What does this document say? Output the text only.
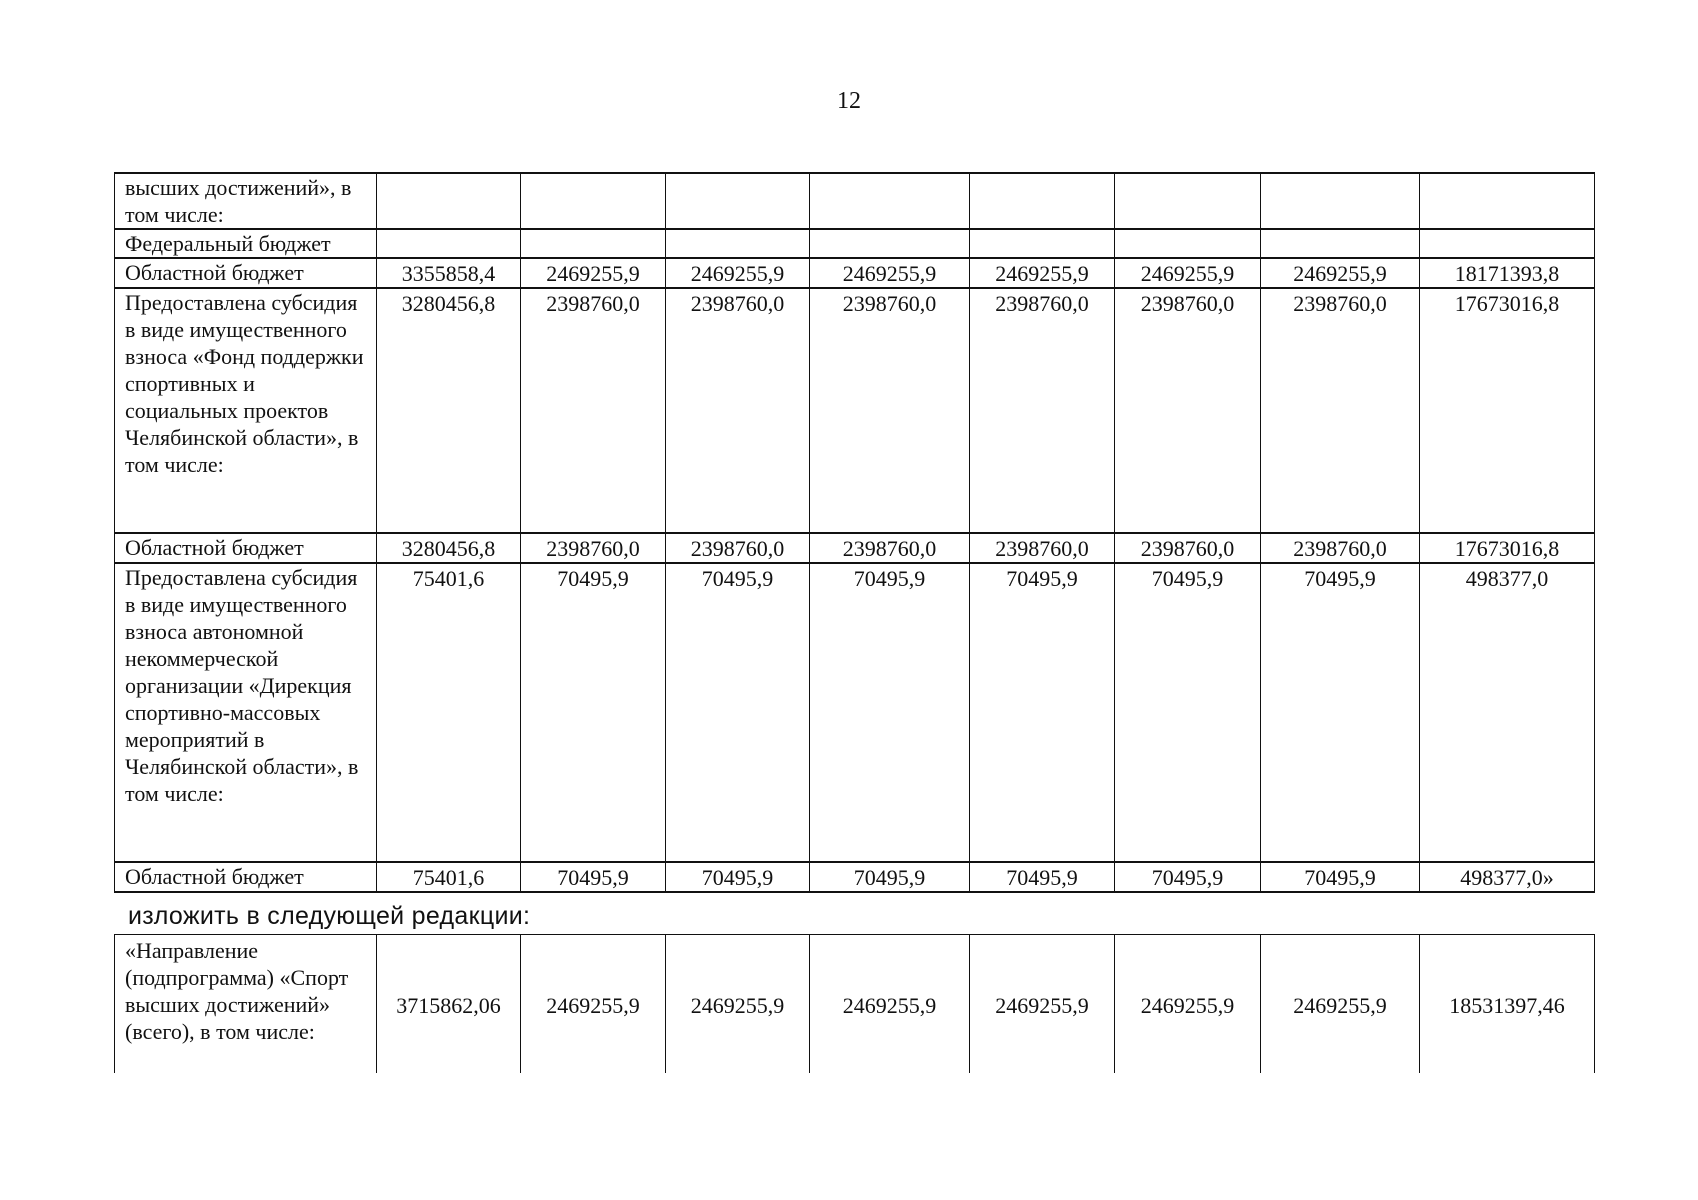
12
высших достижений», в том числе:								
Федеральный бюджет								
Областной бюджет	3355858,4	2469255,9	2469255,9	2469255,9	2469255,9	2469255,9	2469255,9	18171393,8
Предоставлена субсидия в виде имущественного взноса «Фонд поддержки спортивных и социальных проектов Челябинской области», в том числе:	3280456,8	2398760,0	2398760,0	2398760,0	2398760,0	2398760,0	2398760,0	17673016,8
Областной бюджет	3280456,8	2398760,0	2398760,0	2398760,0	2398760,0	2398760,0	2398760,0	17673016,8
Предоставлена субсидия в виде имущественного взноса автономной некоммерческой организации «Дирекция спортивно-массовых мероприятий в Челябинской области», в том числе:	75401,6	70495,9	70495,9	70495,9	70495,9	70495,9	70495,9	498377,0
Областной бюджет	75401,6	70495,9	70495,9	70495,9	70495,9	70495,9	70495,9	498377,0»
изложить в следующей редакции:
«Направление (подпрограмма) «Спорт высших достижений» (всего), в том числе:	3715862,06	2469255,9	2469255,9	2469255,9	2469255,9	2469255,9	2469255,9	18531397,46
